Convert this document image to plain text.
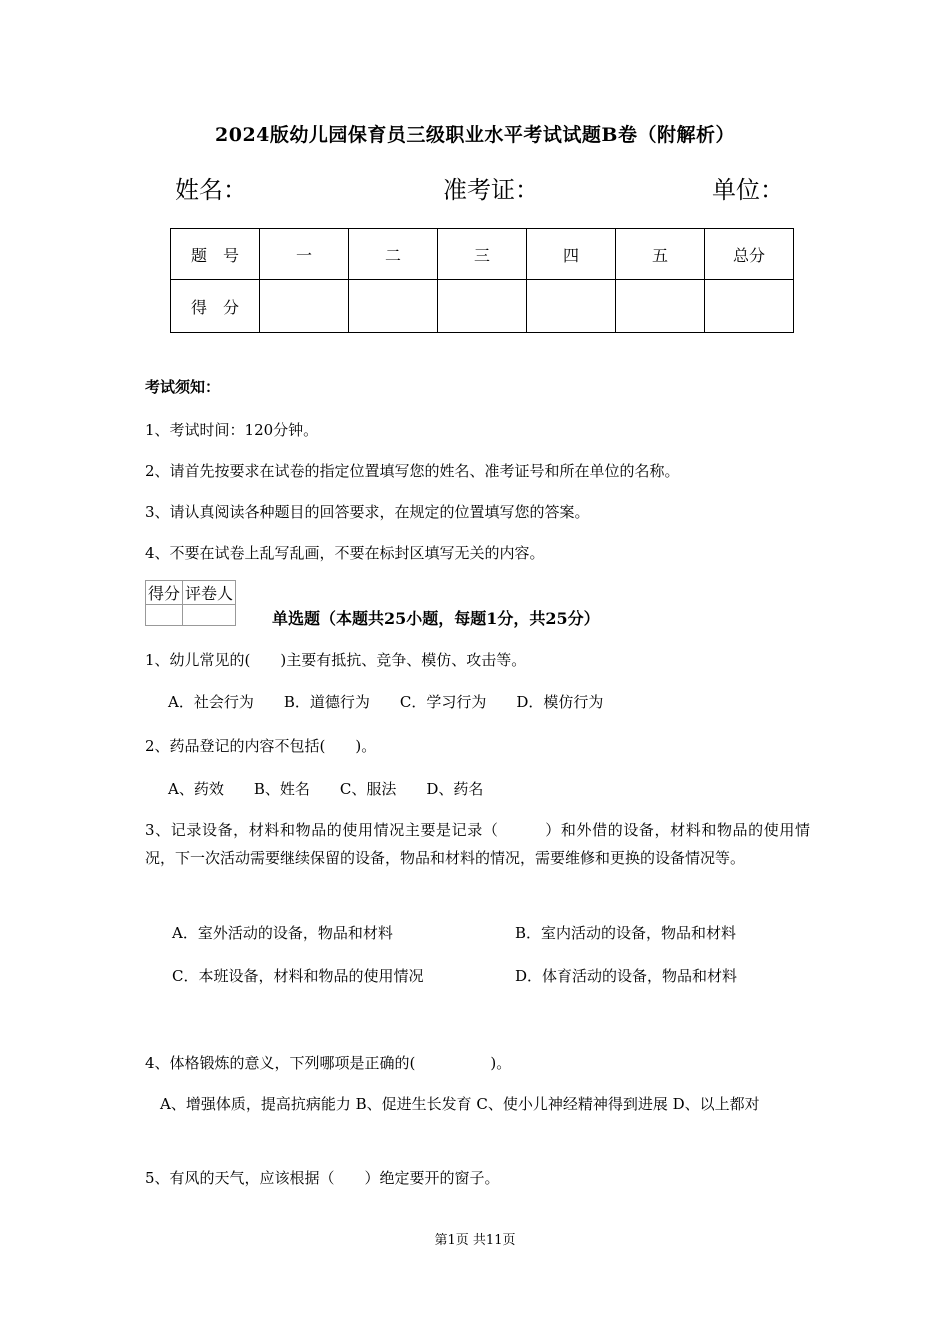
2024版幼儿园保育员三级职业水平考试试题B卷（附解析）
姓名：	准考证：	单位：
题　号	一	二	三	四	五	总分
得　分						
考试须知：
1、考试时间：120分钟。
2、请首先按要求在试卷的指定位置填写您的姓名、准考证号和所在单位的名称。
3、请认真阅读各种题目的回答要求，在规定的位置填写您的答案。
4、不要在试卷上乱写乱画，不要在标封区填写无关的内容。
得分	评卷人

单选题（本题共25小题，每题1分，共25分）
1、幼儿常见的(　　)主要有抵抗、竞争、模仿、攻击等。
A．社会行为　　B．道德行为　　C．学习行为　　D．模仿行为
2、药品登记的内容不包括(　　)。
A、药效　　B、姓名　　C、服法　　D、药名
3、记录设备，材料和物品的使用情况主要是记录（　　　）和外借的设备，材料和物品的使用情况，下一次活动需要继续保留的设备，物品和材料的情况，需要维修和更换的设备情况等。
A．室外活动的设备，物品和材料	B．室内活动的设备，物品和材料
C．本班设备，材料和物品的使用情况	D．体育活动的设备，物品和材料
4、体格锻炼的意义，下列哪项是正确的(　　　　　)。
　A、增强体质，提高抗病能力 B、促进生长发育 C、使小儿神经精神得到进展 D、以上都对
5、有风的天气，应该根据（　　）绝定要开的窗子。
第1页 共11页
